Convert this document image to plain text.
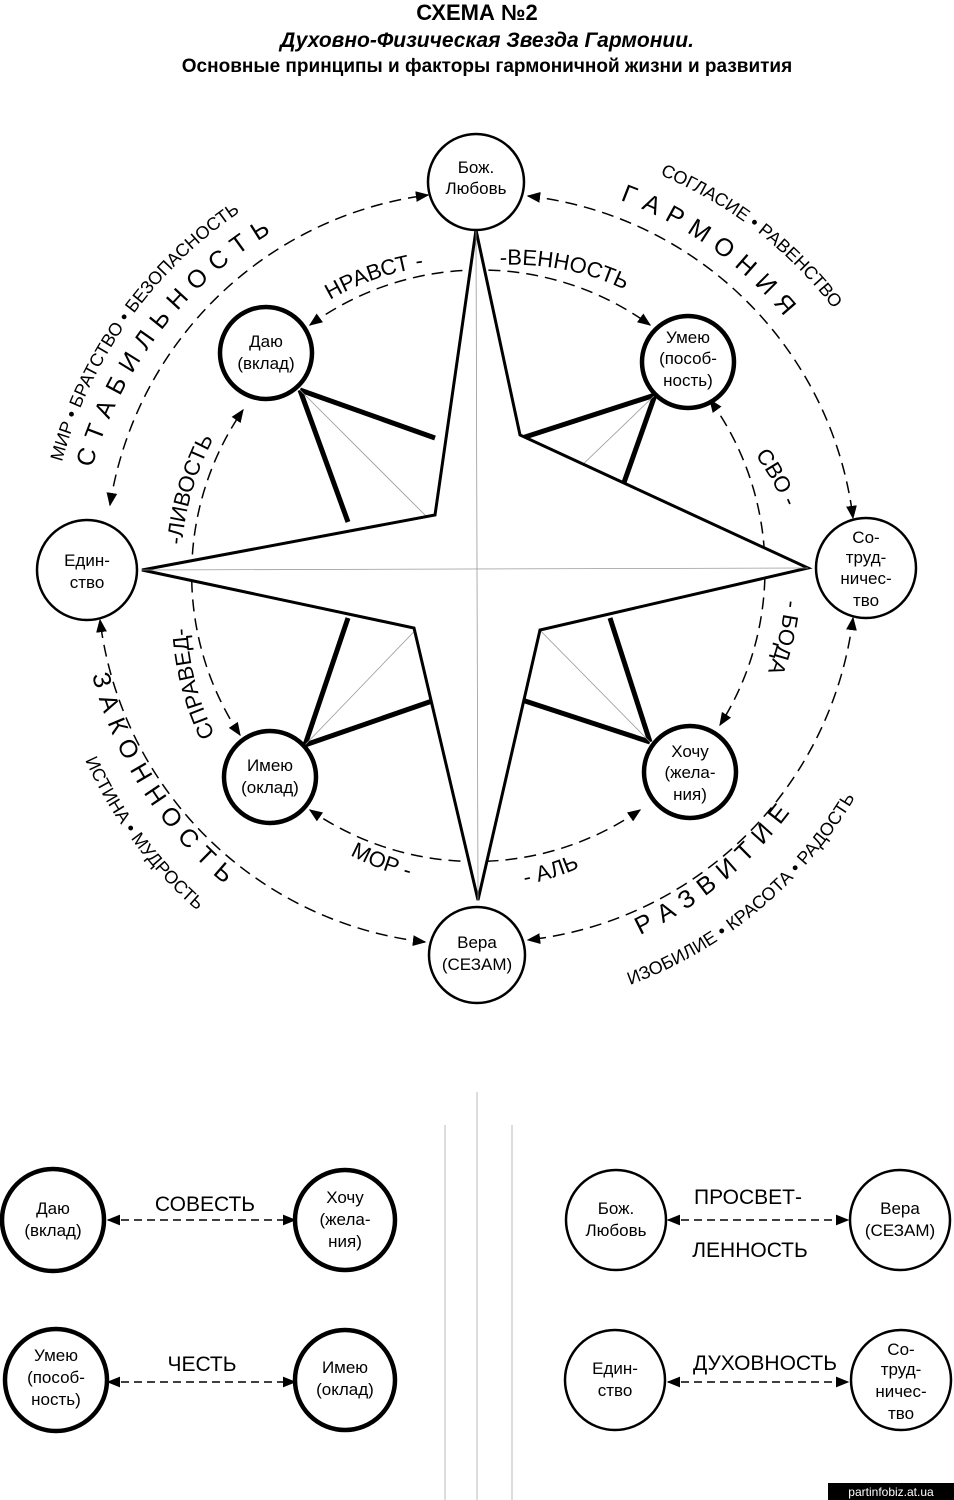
СХЕМА №2
Духовно-Физическая Звезда Гармонии.
Основные принципы и факторы гармоничной жизни и развития
Бож.
Любовь
Вера
(СЕЗАМ)
Един-
ство
Со-
труд-
ничес-
тво
Даю
(вклад)
Умею
(пособ-
ность)
Имею
(оклад)
Хочу
(жела-
ния)
С Т А Б И Л Ь Н О С Т Ь
МИР • БРАТСТВО • БЕЗОПАСНОСТЬ	Г А Р М О Н И Я
СОГЛАСИЕ • РАВЕНСТВО
З А К О Н Н О С Т Ь
ИСТИНА • МУДРОСТЬ
Р А З В И Т И Е
ИЗОБИЛИЕ • КРАСОТА • РАДОСТЬ
НРАВСТ -	-ВЕННОСТЬ
СВО -
- БОДА
МОР -	- АЛЬ
СПРАВЕД-
-ЛИВОСТЬ
Даю
(вклад)
СОВЕСТЬ	Хочу
(жела-
ния)
Умею
(пособ-
ность)
ЧЕСТЬ	Имею
(оклад)
Бож.
Любовь
ПРОСВЕТ-
ЛЕННОСТЬ
Вера
(СЕЗАМ)
Един-
ство
ДУХОВНОСТЬ
Со-
труд-
ничес-
тво
partinfobiz.at.ua
